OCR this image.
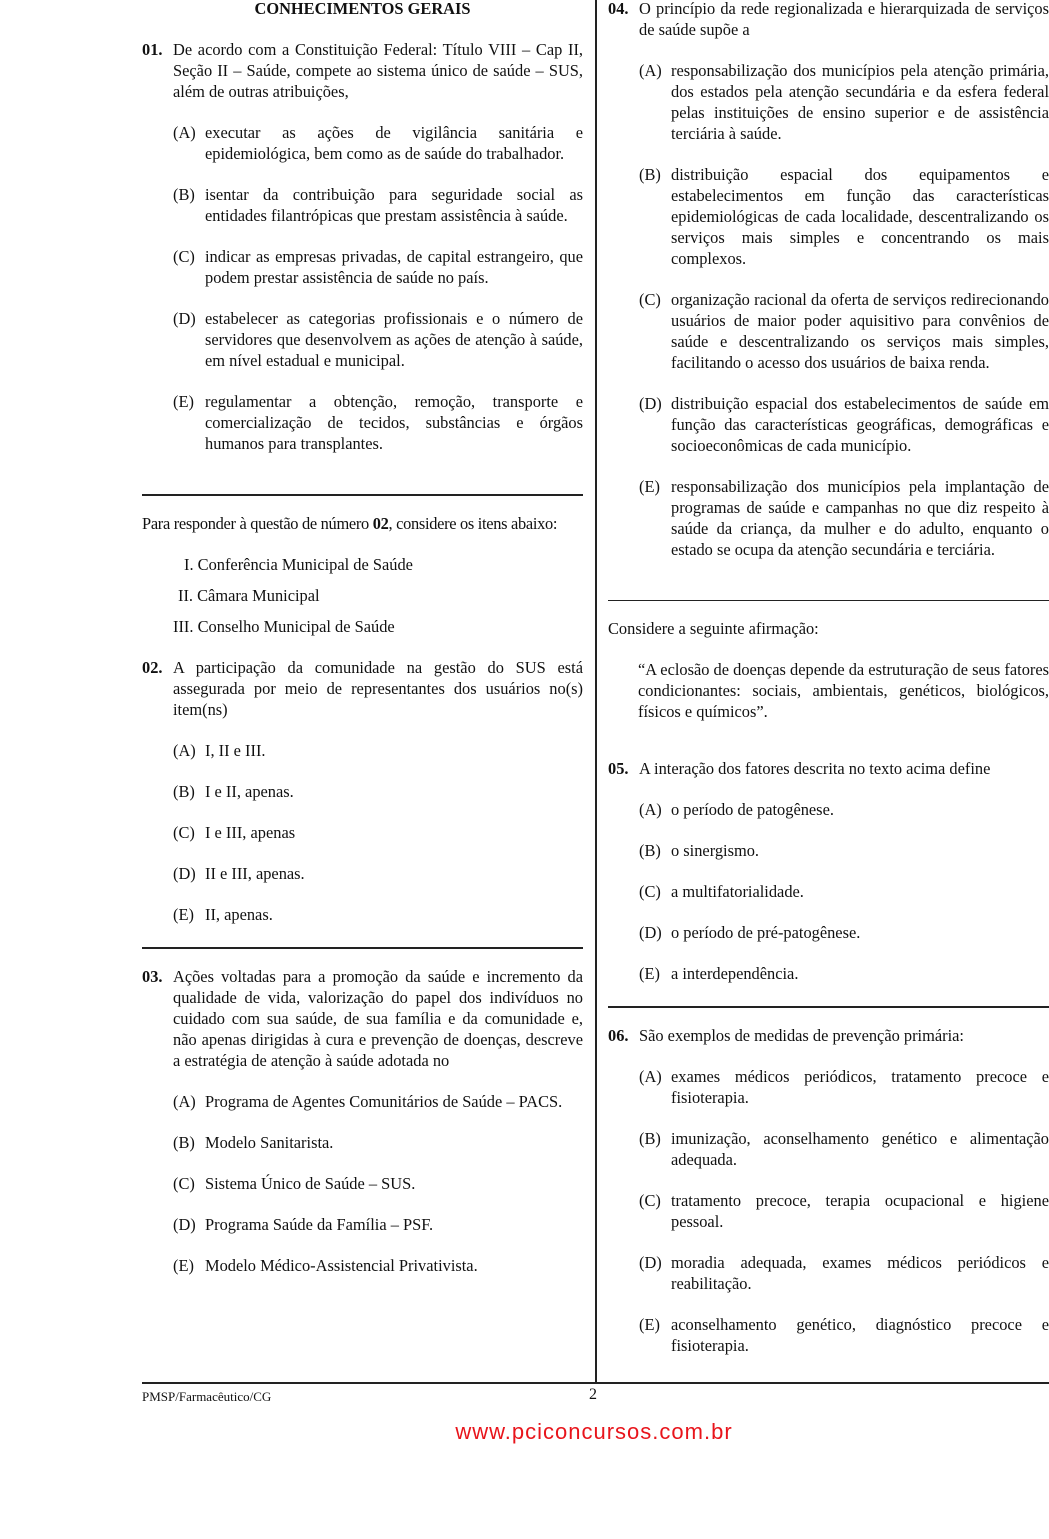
CONHECIMENTOS GERAIS
01. De acordo com a Constituição Federal: Título VIII – Cap II, Seção II – Saúde, compete ao sistema único de saúde – SUS, além de outras atribuições,
(A) executar as ações de vigilância sanitária e epidemiológica, bem como as de saúde do trabalhador.
(B) isentar da contribuição para seguridade social as entidades filantrópicas que prestam assistência à saúde.
(C) indicar as empresas privadas, de capital estrangeiro, que podem prestar assistência de saúde no país.
(D) estabelecer as categorias profissionais e o número de servidores que desenvolvem as ações de atenção à saúde, em nível estadual e municipal.
(E) regulamentar a obtenção, remoção, transporte e comercialização de tecidos, substâncias e órgãos humanos para transplantes.
Para responder à questão de número 02, considere os itens abaixo:
I. Conferência Municipal de Saúde
II. Câmara Municipal
III. Conselho Municipal de Saúde
02. A participação da comunidade na gestão do SUS está assegurada por meio de representantes dos usuários no(s) item(ns)
(A) I, II e III.
(B) I e II, apenas.
(C) I e III, apenas
(D) II e III, apenas.
(E) II, apenas.
03. Ações voltadas para a promoção da saúde e incremento da qualidade de vida, valorização do papel dos indivíduos no cuidado com sua saúde, de sua família e da comunidade e, não apenas dirigidas à cura e prevenção de doenças, descreve a estratégia de atenção à saúde adotada no
(A) Programa de Agentes Comunitários de Saúde – PACS.
(B) Modelo Sanitarista.
(C) Sistema Único de Saúde – SUS.
(D) Programa Saúde da Família – PSF.
(E) Modelo Médico-Assistencial Privativista.
04. O princípio da rede regionalizada e hierarquizada de serviços de saúde supõe a
(A) responsabilização dos municípios pela atenção primária, dos estados pela atenção secundária e da esfera federal pelas instituições de ensino superior e de assistência terciária à saúde.
(B) distribuição espacial dos equipamentos e estabelecimentos em função das características epidemiológicas de cada localidade, descentralizando os serviços mais simples e concentrando os mais complexos.
(C) organização racional da oferta de serviços redirecionando usuários de maior poder aquisitivo para convênios de saúde e descentralizando os serviços mais simples, facilitando o acesso dos usuários de baixa renda.
(D) distribuição espacial dos estabelecimentos de saúde em função das características geográficas, demográficas e socioeconômicas de cada município.
(E) responsabilização dos municípios pela implantação de programas de saúde e campanhas no que diz respeito à saúde da criança, da mulher e do adulto, enquanto o estado se ocupa da atenção secundária e terciária.
Considere a seguinte afirmação:
“A eclosão de doenças depende da estruturação de seus fatores condicionantes: sociais, ambientais, genéticos, biológicos, físicos e químicos”.
05. A interação dos fatores descrita no texto acima define
(A) o período de patogênese.
(B) o sinergismo.
(C) a multifatorialidade.
(D) o período de pré-patogênese.
(E) a interdependência.
06. São exemplos de medidas de prevenção primária:
(A) exames médicos periódicos, tratamento precoce e fisioterapia.
(B) imunização, aconselhamento genético e alimentação adequada.
(C) tratamento precoce, terapia ocupacional e higiene pessoal.
(D) moradia adequada, exames médicos periódicos e reabilitação.
(E) aconselhamento genético, diagnóstico precoce e fisioterapia.
PMSP/Farmacêutico/CG	2
www.pciconcursos.com.br
